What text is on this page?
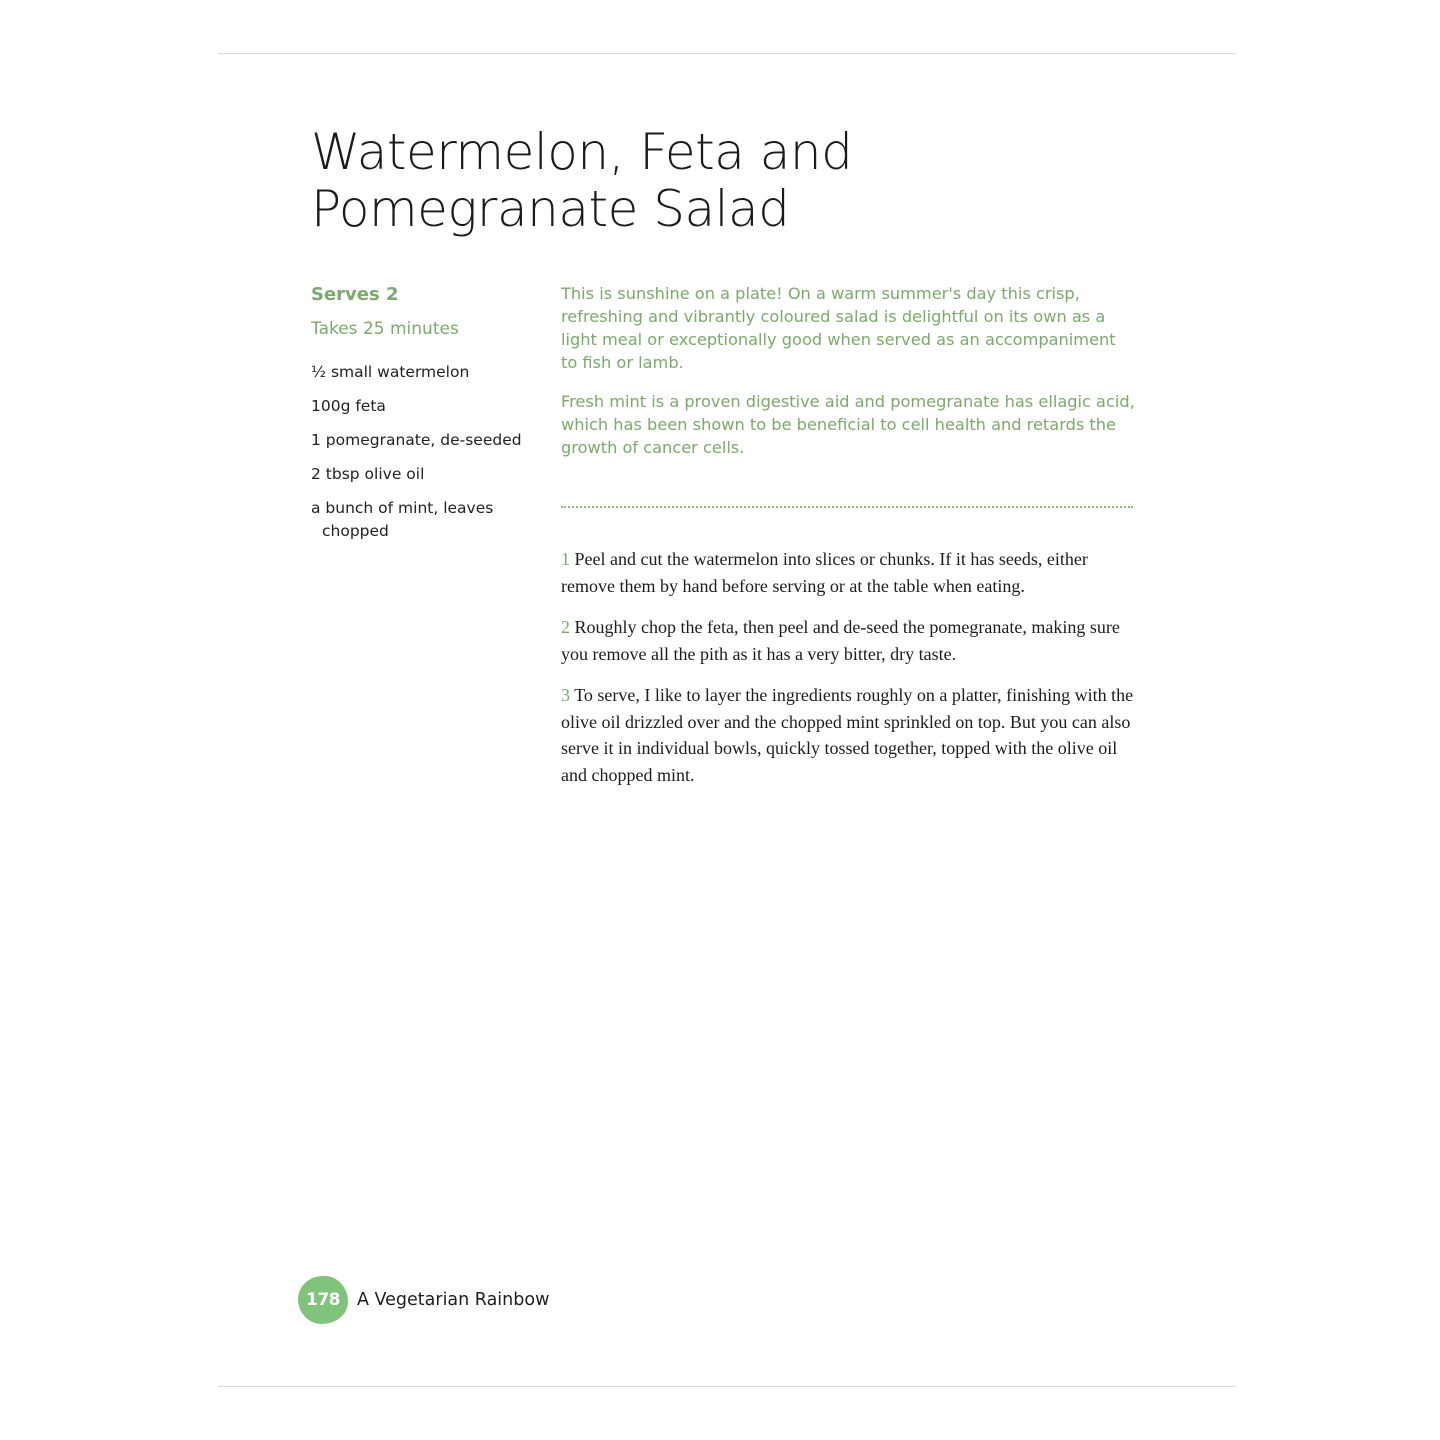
Watermelon, Feta and
Pomegranate Salad
Serves 2
Takes 25 minutes
½ small watermelon
100g feta
1 pomegranate, de-seeded
2 tbsp olive oil
a bunch of mint, leaves chopped

This is sunshine on a plate! On a warm summer's day this crisp, refreshing and vibrantly coloured salad is delightful on its own as a light meal or exceptionally good when served as an accompaniment to fish or lamb.

Fresh mint is a proven digestive aid and pomegranate has ellagic acid, which has been shown to be beneficial to cell health and retards the growth of cancer cells.

1 Peel and cut the watermelon into slices or chunks. If it has seeds, either remove them by hand before serving or at the table when eating.

2 Roughly chop the feta, then peel and de-seed the pomegranate, making sure you remove all the pith as it has a very bitter, dry taste.

3 To serve, I like to layer the ingredients roughly on a platter, finishing with the olive oil drizzled over and the chopped mint sprinkled on top. But you can also serve it in individual bowls, quickly tossed together, topped with the olive oil and chopped mint.

178 A Vegetarian Rainbow
